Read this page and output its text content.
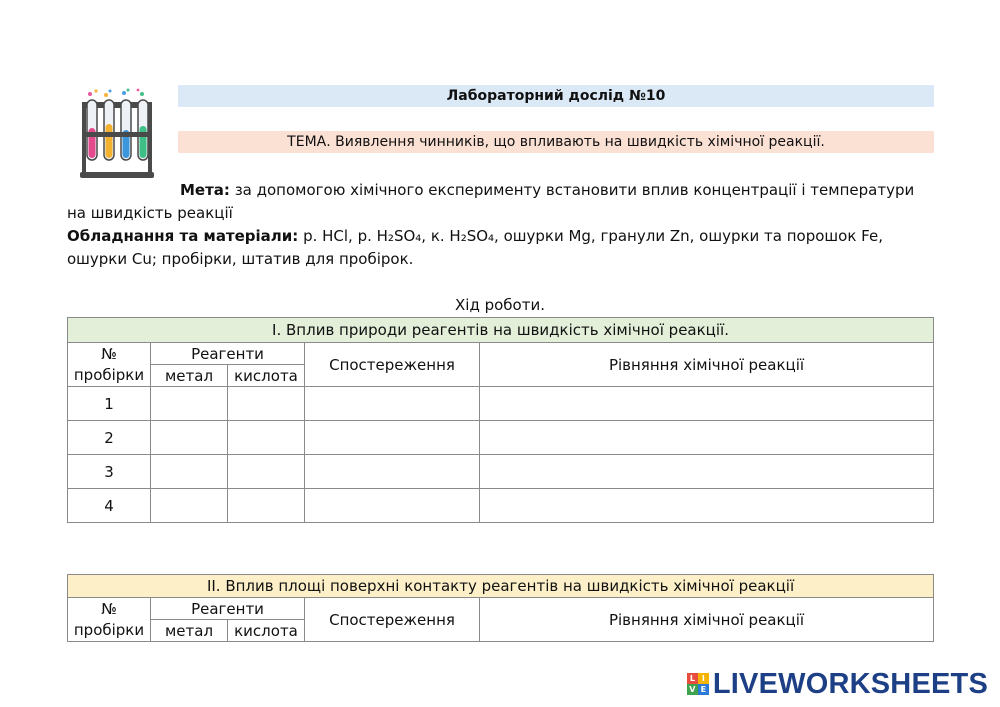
Лабораторний дослід №10
ТЕМА. Виявлення чинників, що впливають на швидкість хімічної реакції.
Мета: за допомогою хімічного експерименту встановити вплив концентрації і температури
на швидкість реакції
Обладнання та матеріали: р. HCl, р. H₂SO₄, к. H₂SO₄, ошурки Mg, гранули Zn, ошурки та порошок Fe,
ошурки Cu; пробірки, штатив для пробірок.
Хід роботи.
I. Вплив природи реагентів на швидкість хімічної реакції.				
№	Реагенти		Спостереження	Рівняння хімічної реакції
пробірки	метал	кислота		
1				
2				
3				
4				
II. Вплив площі поверхні контакту реагентів на швидкість хімічної реакції				
№	Реагенти		Спостереження	Рівняння хімічної реакції
пробірки	метал	кислота		
L I
V E LIVEWORKSHEETS
